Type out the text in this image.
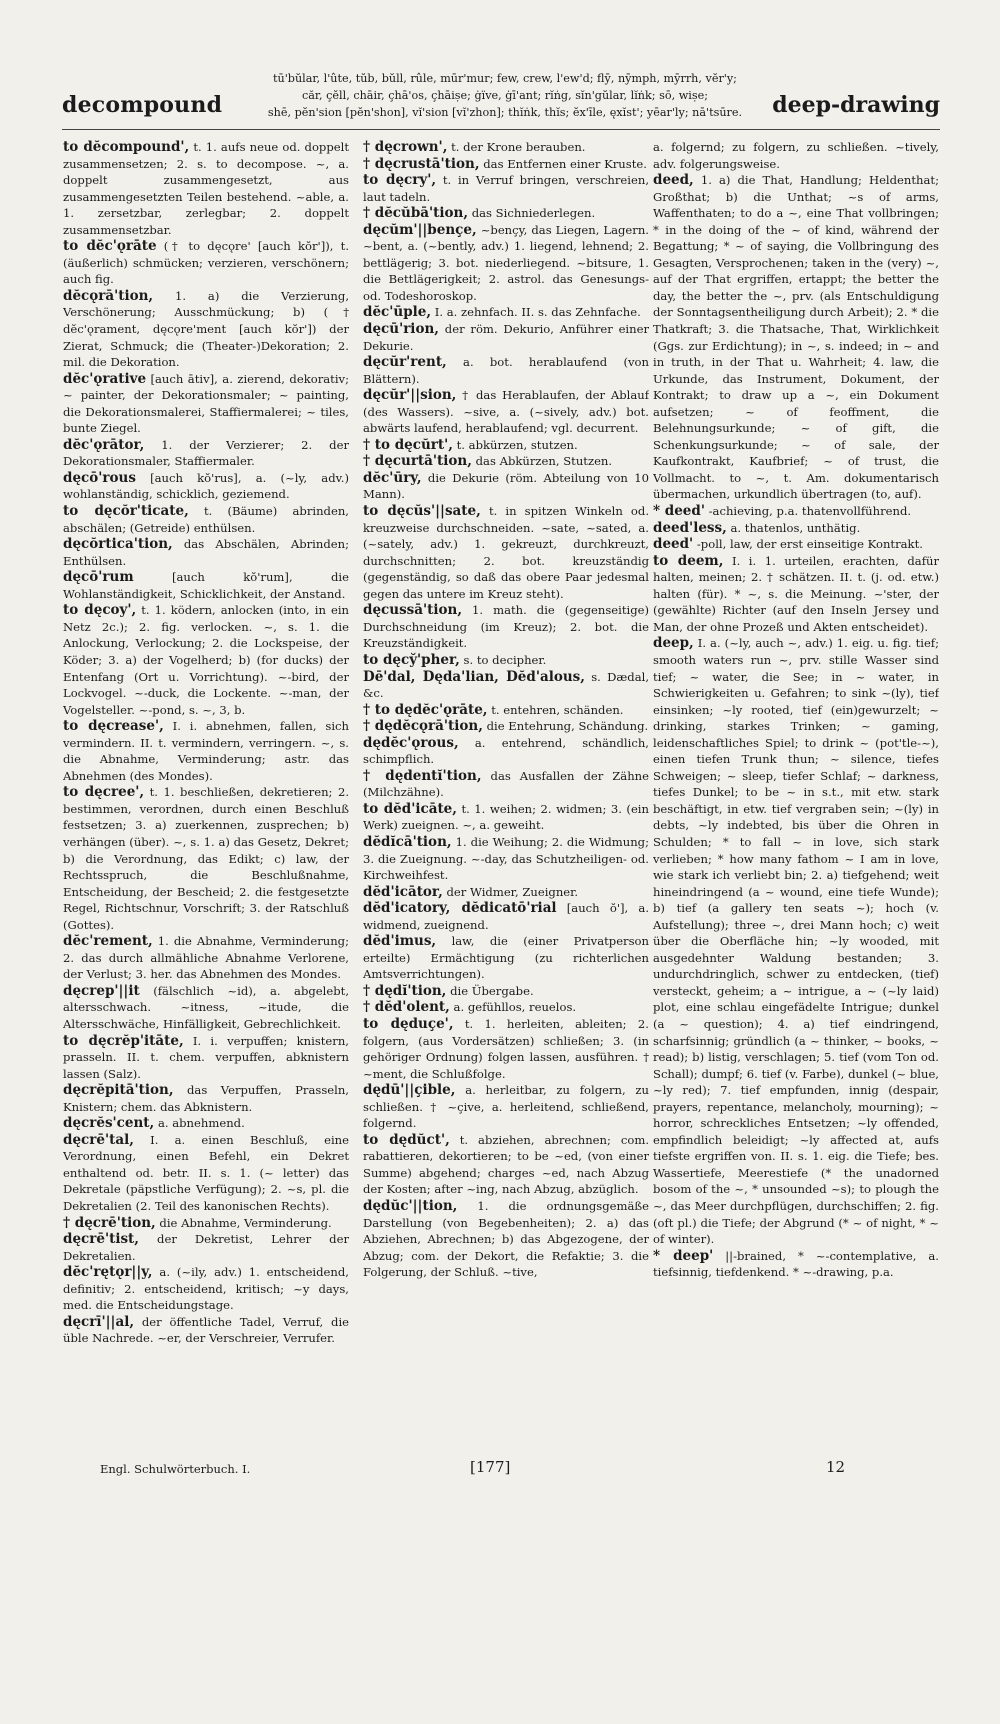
decompound
tū'bŭlar, l'ûte, tŭb, bŭll, rûle, mūr'mur; few, crew, l'ew'd; flȳ, nȳmph, mȳrrh, vĕr'y;
căr, çĕll, chāir, çhā'os, çhāiṣe; ġïve, ġī'ant; rĭṅg, sĭn'gŭlar, lĭṅk; sō, wiṣe;
shē, pĕn'sion [pĕn'shon], vĭ'sion [vĭ'zhon]; thĭṅk, thĭs; ĕx'īle, ęxĭst'; yēar'ly; nā'tsūre.	deep-drawing

to dĕcompound', t. 1. aufs neue od. doppelt zusammensetzen; 2. s. to decompose. ~, a. doppelt zusammengesetzt, aus zusammengesetzten Teilen bestehend. ~able, a. 1. zersetzbar, zerlegbar; 2. doppelt zusammensetzbar.

to dĕc'ǫrāte († to dęcǫre' [auch kŏr']), t. (äußerlich) schmücken; verzieren, verschönern; auch fig.

dĕcǫrā'tion, 1. a) die Verzierung, Verschönerung; Ausschmückung; b) († dĕc'ǫrament, dęcǫre'ment [auch kŏr']) der Zierat, Schmuck; die (Theater-)Dekoration; 2. mil. die Dekoration.

dĕc'ǫrative [auch ātiv], a. zierend, dekorativ; ~ painter, der Dekorationsmaler; ~ painting, die Dekorationsmalerei, Staffiermalerei; ~ tiles, bunte Ziegel.

dĕc'ǫrātor, 1. der Verzierer; 2. der Dekorationsmaler, Staffiermaler.

dęcō'rous [auch kŏ'rus], a. (~ly, adv.) wohlanständig, schicklich, geziemend.

to dęcŏr'ticate, t. (Bäume) abrinden, abschälen; (Getreide) enthülsen.

dęcŏrtica'tion, das Abschälen, Abrinden; Enthülsen.

dęcō'rum	[auch kŏ'rum], die Wohlanständigkeit, Schicklichkeit, der Anstand.

to dęcoy', t. 1. ködern, anlocken (into, in ein Netz 2c.); 2. fig. verlocken. ~, s. 1. die Anlockung, Verlockung; 2. die Lockspeise, der Köder; 3. a) der Vogelherd; b) (for ducks) der Entenfang (Ort u. Vorrichtung). ~-bird, der Lockvogel. ~-duck, die Lockente. ~-man, der Vogelsteller. ~-pond, s. ~, 3, b.

to dęcrease', I. i. abnehmen, fallen, sich vermindern. II. t. vermindern, verringern. ~, s. die Abnahme, Verminderung; astr. das Abnehmen (des Mondes).

to dęcree', t. 1. beschließen, dekretieren; 2. bestimmen, verordnen, durch einen Beschluß festsetzen; 3. a) zuerkennen, zusprechen; b) verhängen (über). ~, s. 1. a) das Gesetz, Dekret; b) die Verordnung, das Edikt; c) law, der Rechtsspruch, die Beschlußnahme, Entscheidung, der Bescheid; 2. die festgesetzte Regel, Richtschnur, Vorschrift; 3. der Ratschluß (Gottes).

dĕc'rement, 1. die Abnahme, Verminderung; 2. das durch allmähliche Abnahme Verlorene, der Verlust; 3. her. das Abnehmen des Mondes.

dęcrep'||it (fälschlich ~id), a. abgelebt, altersschwach. ~itness, ~itude, die Altersschwäche, Hinfälligkeit, Gebrechlichkeit.

to dęcrĕp'itāte, I. i. verpuffen; knistern, prasseln. II. t. chem. verpuffen, abknistern lassen (Salz).

dęcrĕpitā'tion, das Verpuffen, Prasseln, Knistern; chem. das Abknistern.

dęcrĕs'cent, a. abnehmend.

dęcrē'tal, I. a. einen Beschluß, eine Verordnung, einen Befehl, ein Dekret enthaltend od. betr. II. s. 1. (~ letter) das Dekretale (päpstliche Verfügung); 2. ~s, pl. die Dekretalien (2. Teil des kanonischen Rechts).

† dęcrē'tion, die Abnahme, Verminderung.

dęcrē'tist, der Dekretist, Lehrer der Dekretalien.

dĕc'rętǫr||y, a. (~ily, adv.) 1. entscheidend, definitiv; 2. entscheidend, kritisch; ~y days, med. die Entscheidungstage.

dęcrī'||al, der öffentliche Tadel, Verruf, die üble Nachrede. ~er, der Verschreier, Verrufer.

† dęcrown', t. der Krone berauben.

† dęcrustā'tion, das Entfernen einer Kruste.

to dęcry', t. in Verruf bringen, verschreien, laut tadeln.

† dĕcŭbā'tion, das Sichniederlegen.

dęcŭm'||bençe, ~bençy, das Liegen, Lagern. ~bent, a. (~bently, adv.) 1. liegend, lehnend; 2. bettlägerig; 3. bot. niederliegend. ~bitsure, 1. die Bettlägerigkeit; 2. astrol. das Genesungs- od. Todeshoroskop.

dĕc'ūple, I. a. zehnfach. II. s. das Zehnfache.

dęcū'rion, der röm. Dekurio, Anführer einer Dekurie.

dęcŭr'rent, a. bot. herablaufend (von Blättern).

dęcŭr'||sion, † das Herablaufen, der Ablauf (des Wassers). ~sive, a. (~sively, adv.) bot. abwärts laufend, herablaufend; vgl. decurrent.

† to dęcŭrt', t. abkürzen, stutzen.

† dęcurtā'tion, das Abkürzen, Stutzen.

dĕc'ūry, die Dekurie (röm. Abteilung von 10 Mann).

to dęcŭs'||sate, t. in spitzen Winkeln od. kreuzweise durchschneiden. ~sate, ~sated, a. (~sately, adv.) 1. gekreuzt, durchkreuzt, durchschnitten; 2. bot. kreuzständig (gegenständig, so daß das obere Paar jedesmal gegen das untere im Kreuz steht).

dęcussā'tion, 1. math. die (gegenseitige) Durchschneidung (im Kreuz); 2. bot. die Kreuzständigkeit.

to dęcy̆'pher, s. to decipher.

Dē'dal, Dęda'lian, Dĕd'alous, s. Dædal, &c.

† to dędĕc'ǫrāte, t. entehren, schänden.

† dędĕcǫrā'tion, die Entehrung, Schändung.

dędĕc'ǫrous, a. entehrend, schändlich, schimpflich.

† dędentĭ'tion, das Ausfallen der Zähne (Milchzähne).

to dĕd'icāte, t. 1. weihen; 2. widmen; 3. (ein Werk) zueignen. ~, a. geweiht.

dĕdĭcā'tion, 1. die Weihung; 2. die Widmung; 3. die Zueignung. ~-day, das Schutzheiligen- od. Kirchweihfest.

dĕd'icātor, der Widmer, Zueigner.

dĕd'icatory, dĕdicatō'rial [auch ŏ'], a. widmend, zueignend.

dĕd'imus, law, die (einer Privatperson erteilte) Ermächtigung (zu richterlichen Amtsverrichtungen).

† dędĭ'tion, die Übergabe.

† dĕd'olent, a. gefühllos, reuelos.

to dęduçe', t. 1. herleiten, ableiten; 2. folgern, (aus Vordersätzen) schließen; 3. (in gehöriger Ordnung) folgen lassen, ausführen. † ~ment, die Schlußfolge.

dędū'||çible, a. herleitbar, zu folgern, zu schließen. † ~çive, a. herleitend, schließend, folgernd.

to dędŭct', t. abziehen, abrechnen; com. rabattieren, dekortieren; to be ~ed, (von einer Summe) abgehend; charges ~ed, nach Abzug der Kosten; after ~ing, nach Abzug, abzüglich.

dędŭc'||tion, 1. die ordnungsgemäße Darstellung (von Begebenheiten); 2. a) das Abziehen, Abrechnen; b) das Abgezogene, der Abzug; com. der Dekort, die Refaktie; 3. die Folgerung, der Schluß. ~tive,

a. folgernd; zu folgern, zu schließen. ~tively, adv. folgerungsweise.

deed, 1. a) die That, Handlung; Heldenthat; Großthat; b) die Unthat; ~s of arms, Waffenthaten; to do a ~, eine That vollbringen; * in the doing of the ~ of kind, während der Begattung; * ~ of saying, die Vollbringung des Gesagten, Versprochenen; taken in the (very) ~, auf der That ergriffen, ertappt; the better the day, the better the ~, prv. (als Entschuldigung der Sonntagsentheiligung durch Arbeit); 2. * die Thatkraft; 3. die Thatsache, That, Wirklichkeit (Ggs. zur Erdichtung); in ~, s. indeed; in ~ and in truth, in der That u. Wahrheit; 4. law, die Urkunde, das Instrument, Dokument, der Kontrakt; to draw up a ~, ein Dokument aufsetzen; ~ of feoffment, die Belehnungsurkunde; ~ of gift, die Schenkungsurkunde; ~ of sale, der Kaufkontrakt, Kaufbrief; ~ of trust, die Vollmacht. to ~, t. Am. dokumentarisch übermachen, urkundlich übertragen (to, auf).

* deed' -achieving, p.a. thatenvollführend.

deed'less, a. thatenlos, unthätig.

deed' -poll, law, der erst einseitige Kontrakt.

to deem, I. i. 1. urteilen, erachten, dafür halten, meinen; 2. † schätzen. II. t. (j. od. etw.) halten (für). * ~, s. die Meinung. ~'ster, der (gewählte) Richter (auf den Inseln Jersey und Man, der ohne Prozeß und Akten entscheidet).

deep, I. a. (~ly, auch ~, adv.) 1. eig. u. fig. tief; smooth waters run ~, prv. stille Wasser sind tief; ~ water, die See; in ~ water, in Schwierigkeiten u. Gefahren; to sink ~(ly), tief einsinken; ~ly rooted, tief (ein)gewurzelt; ~ drinking, starkes Trinken; ~ gaming, leidenschaftliches Spiel; to drink ~ (pot'tle-~), einen tiefen Trunk thun; ~ silence, tiefes Schweigen; ~ sleep, tiefer Schlaf; ~ darkness, tiefes Dunkel; to be ~ in s.t., mit etw. stark beschäftigt, in etw. tief vergraben sein; ~(ly) in debts, ~ly indebted, bis über die Ohren in Schulden; * to fall ~ in love, sich stark verlieben; * how many fathom ~ I am in love, wie stark ich verliebt bin; 2. a) tiefgehend; weit hineindringend (a ~ wound, eine tiefe Wunde); b) tief (a gallery ten seats ~); hoch (v. Aufstellung); three ~, drei Mann hoch; c) weit über die Oberfläche hin; ~ly wooded, mit ausgedehnter Waldung bestanden; 3. undurchdringlich, schwer zu entdecken, (tief) versteckt, geheim; a ~ intrigue, a ~ (~ly laid) plot, eine schlau eingefädelte Intrigue; dunkel (a ~ question); 4. a) tief eindringend, scharfsinnig; gründlich (a ~ thinker, ~ books, ~ read); b) listig, verschlagen; 5. tief (vom Ton od. Schall); dumpf; 6. tief (v. Farbe), dunkel (~ blue, ~ly red); 7. tief empfunden, innig (despair, prayers, repentance, melancholy, mourning); ~ horror, schreckliches Entsetzen; ~ly offended, empfindlich beleidigt; ~ly affected at, aufs tiefste ergriffen von. II. s. 1. eig. die Tiefe; bes. Wassertiefe, Meerestiefe (* the unadorned bosom of the ~, * unsounded ~s); to plough the ~, das Meer durchpflügen, durchschiffen; 2. fig. (oft pl.) die Tiefe; der Abgrund (* ~ of night, * ~ of winter).

* deep' ||-brained, * ~-contemplative, a. tiefsinnig, tiefdenkend. * ~-drawing, p.a.

Engl. Schulwörterbuch. I.	[177]	12
